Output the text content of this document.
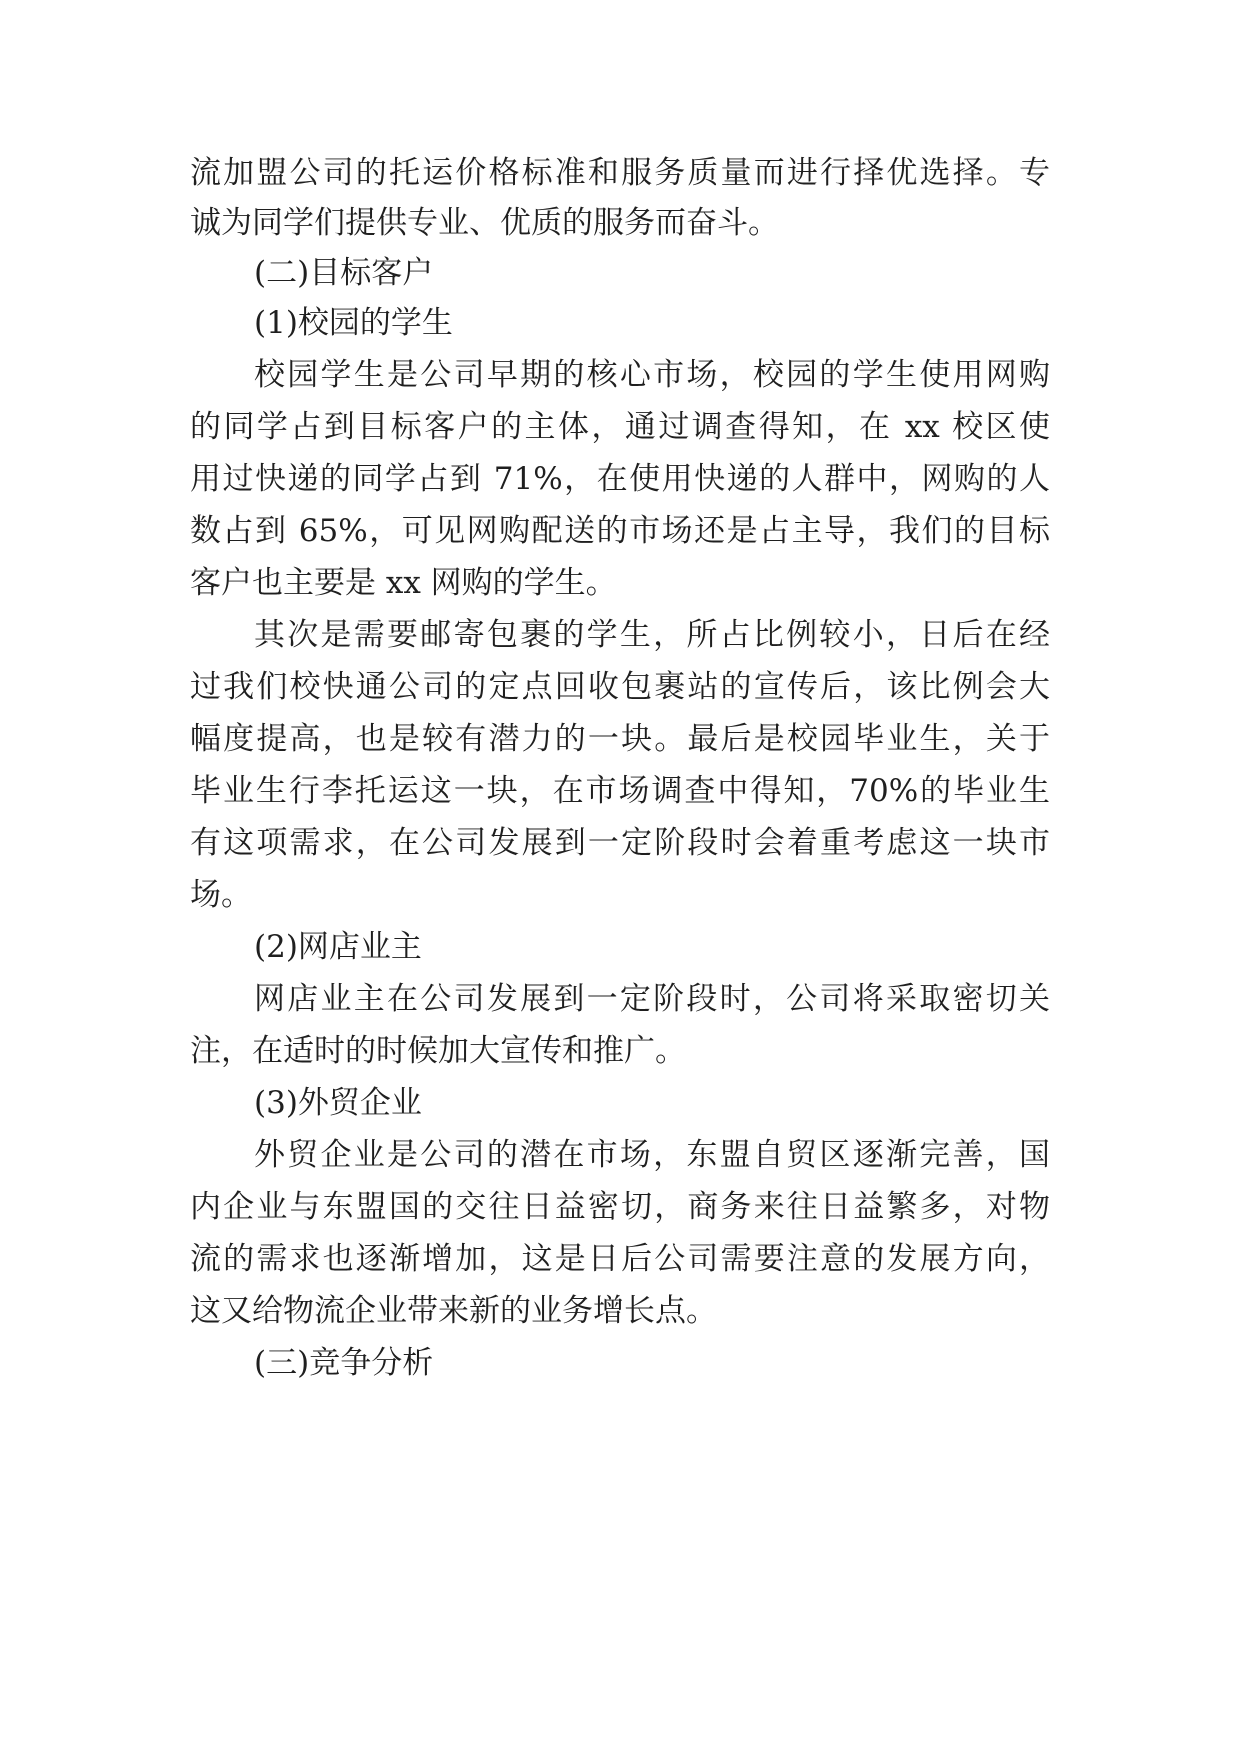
流加盟公司的托运价格标准和服务质量而进行择优选择。专
诚为同学们提供专业、优质的服务而奋斗。
(二)目标客户
(1)校园的学生
校园学生是公司早期的核心市场，校园的学生使用网购
的同学占到目标客户的主体，通过调查得知，在 xx 校区使
用过快递的同学占到 71%，在使用快递的人群中，网购的人
数占到 65%，可见网购配送的市场还是占主导，我们的目标
客户也主要是 xx 网购的学生。
其次是需要邮寄包裹的学生，所占比例较小，日后在经
过我们校快通公司的定点回收包裹站的宣传后，该比例会大
幅度提高，也是较有潜力的一块。最后是校园毕业生，关于
毕业生行李托运这一块，在市场调查中得知，70%的毕业生
有这项需求，在公司发展到一定阶段时会着重考虑这一块市
场。
(2)网店业主
网店业主在公司发展到一定阶段时，公司将采取密切关
注，在适时的时候加大宣传和推广。
(3)外贸企业
外贸企业是公司的潜在市场，东盟自贸区逐渐完善，国
内企业与东盟国的交往日益密切，商务来往日益繁多，对物
流的需求也逐渐增加，这是日后公司需要注意的发展方向，
这又给物流企业带来新的业务增长点。
(三)竞争分析
